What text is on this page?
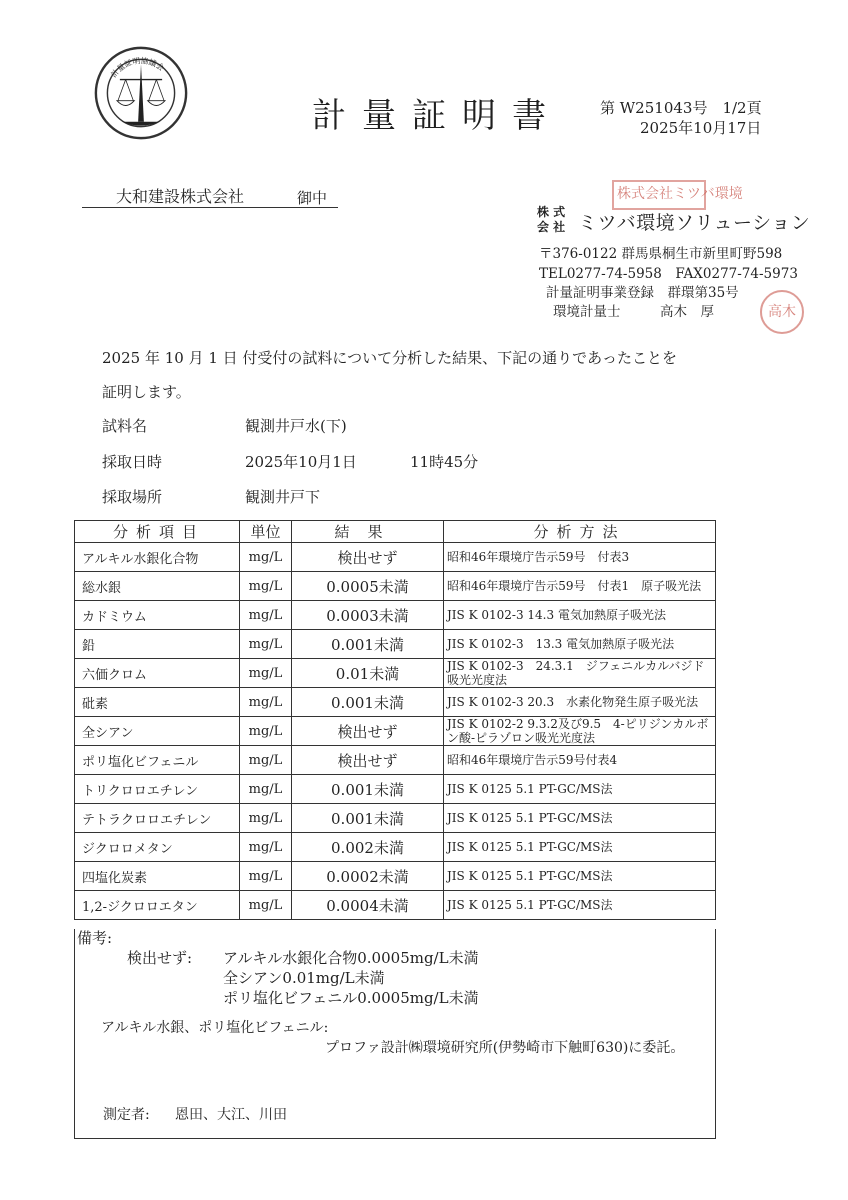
計量証明協議会
計量証明書	第 W251043号　1/2頁
2025年10月17日
大和建設株式会社	御中	株式会社ミツバ環境
株 式
会 社 ミツバ環境ソリューション
〒376-0122 群馬県桐生市新里町野598
TEL0277-74-5958　FAX0277-74-5973
計量証明事業登録　群環第35号
環境計量士	高木　厚	高木
2025 年 10 月 1 日 付受付の試料について分析した結果、下記の通りであったことを
証明します。
試料名	観測井戸水(下)
採取日時	2025年10月1日	11時45分
採取場所	観測井戸下
分析項目	単位	結果	分析方法
アルキル水銀化合物	mg/L	検出せず	昭和46年環境庁告示59号　付表3
総水銀	mg/L	0.0005未満	昭和46年環境庁告示59号　付表1　原子吸光法
カドミウム	mg/L	0.0003未満	JIS K 0102-3 14.3 電気加熱原子吸光法
鉛	mg/L	0.001未満	JIS K 0102-3　13.3 電気加熱原子吸光法
六価クロム	mg/L	0.01未満	JIS K 0102-3　24.3.1　ジフェニルカルバジド吸光光度法
砒素	mg/L	0.001未満	JIS K 0102-3 20.3　水素化物発生原子吸光法
全シアン	mg/L	検出せず	JIS K 0102-2 9.3.2及び9.5　4-ピリジンカルボン酸-ピラゾロン吸光光度法
ポリ塩化ビフェニル	mg/L	検出せず	昭和46年環境庁告示59号付表4
トリクロロエチレン	mg/L	0.001未満	JIS K 0125 5.1 PT-GC/MS法
テトラクロロエチレン	mg/L	0.001未満	JIS K 0125 5.1 PT-GC/MS法
ジクロロメタン	mg/L	0.002未満	JIS K 0125 5.1 PT-GC/MS法
四塩化炭素	mg/L	0.0002未満	JIS K 0125 5.1 PT-GC/MS法
1,2-ジクロロエタン	mg/L	0.0004未満	JIS K 0125 5.1 PT-GC/MS法
備考:
検出せず: アルキル水銀化合物0.0005mg/L未満
全シアン0.01mg/L未満
ポリ塩化ビフェニル0.0005mg/L未満
アルキル水銀、ポリ塩化ビフェニル:
プロファ設計㈱環境研究所(伊勢崎市下触町630)に委託。
測定者: 恩田、大江、川田
